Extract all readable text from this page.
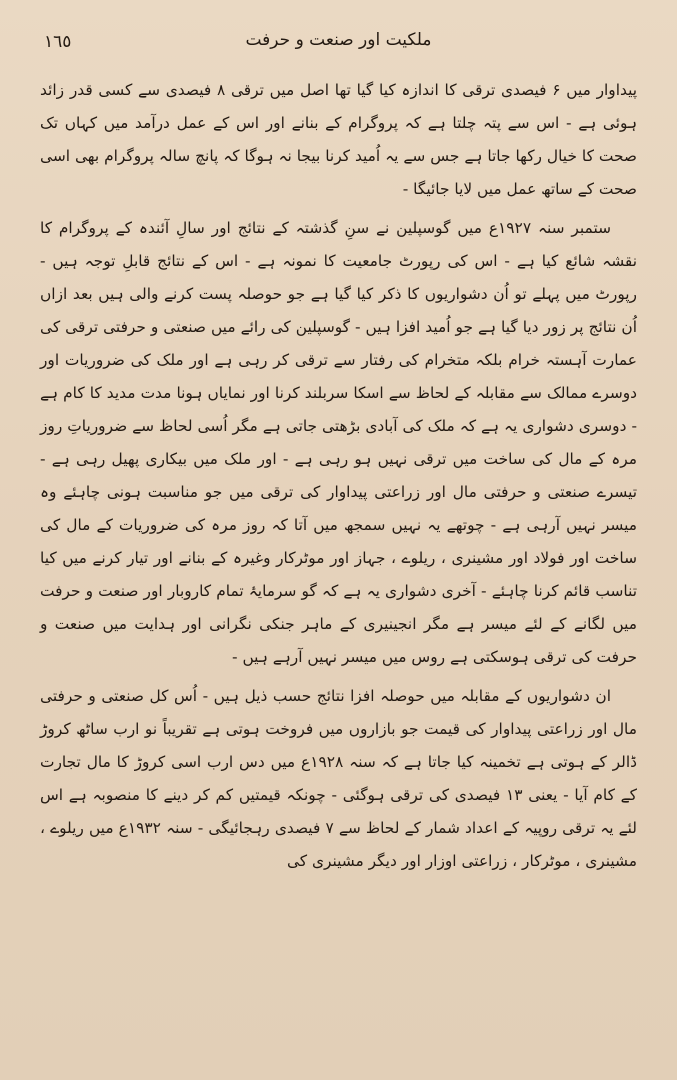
١٦٥	ملکیت اور صنعت و حرفت

پیداوار میں ۶ فیصدی ترقی کا اندازہ کیا گیا تھا اصل میں ترقی ۸ فیصدی سے کسی قدر زائد ہوئی ہے - اس سے پتہ چلتا ہے کہ پروگرام کے بنانے اور اس کے عمل درآمد میں کہاں تک صحت کا خیال رکھا جاتا ہے جس سے یہ اُمید کرنا بیجا نہ ہوگا کہ پانچ سالہ پروگرام بھی اسی صحت کے ساتھ عمل میں لایا جائیگا -

ستمبر سنہ ۱۹۲۷ع میں گوسپلین نے سنِ گذشتہ کے نتائج اور سالِ آئندہ کے پروگرام کا نقشہ شائع کیا ہے - اس کی رپورٹ جامعیت کا نمونہ ہے - اس کے نتائج قابلِ توجہ ہیں - رپورٹ میں پہلے تو اُن دشواریوں کا ذکر کیا گیا ہے جو حوصلہ پست کرنے والی ہیں بعد ازاں اُن نتائج پر زور دیا گیا ہے جو اُمید افزا ہیں - گوسپلین کی رائے میں صنعتی و حرفتی ترقی کی عمارت آہستہ خرام بلکہ متخرام کی رفتار سے ترقی کر رہی ہے اور ملک کی ضروریات اور دوسرے ممالک سے مقابلہ کے لحاظ سے اسکا سربلند کرنا اور نمایاں ہونا مدت مدید کا کام ہے - دوسری دشواری یہ ہے کہ ملک کی آبادی بڑھتی جاتی ہے مگر اُسی لحاظ سے ضروریاتِ روز مرہ کے مال کی ساخت میں ترقی نہیں ہو رہی ہے - اور ملک میں بیکاری پھیل رہی ہے - تیسرے صنعتی و حرفتی مال اور زراعتی پیداوار کی ترقی میں جو مناسبت ہونی چاہئے وہ میسر نہیں آرہی ہے - چوتھے یہ نہیں سمجھ میں آتا کہ روز مرہ کی ضروریات کے مال کی ساخت اور فولاد اور مشینری ، ریلوے ، جہاز اور موٹرکار وغیرہ کے بنانے اور تیار کرنے میں کیا تناسب قائم کرنا چاہئے - آخری دشواری یہ ہے کہ گو سرمایۂ تمام کاروبار اور صنعت و حرفت میں لگانے کے لئے میسر ہے مگر انجینیری کے ماہر جنکی نگرانی اور ہدایت میں صنعت و حرفت کی ترقی ہوسکتی ہے روس میں میسر نہیں آرہے ہیں -

ان دشواریوں کے مقابلہ میں حوصلہ افزا نتائج حسب ذیل ہیں - اُس کل صنعتی و حرفتی مال اور زراعتی پیداوار کی قیمت جو بازاروں میں فروخت ہوتی ہے تقریباً نو ارب ساٹھ کروڑ ڈالر کے ہوتی ہے تخمینہ کیا جاتا ہے کہ سنہ ۱۹۲۸ع میں دس ارب اسی کروڑ کا مال تجارت کے کام آیا - یعنی ۱۳ فیصدی کی ترقی ہوگئی - چونکہ قیمتیں کم کر دینے کا منصوبہ ہے اس لئے یہ ترقی روپیہ کے اعداد شمار کے لحاظ سے ۷ فیصدی رہجائیگی - سنہ ۱۹۳۲ع میں ریلوے ، مشینری ، موٹرکار ، زراعتی اوزار اور دیگر مشینری کی
